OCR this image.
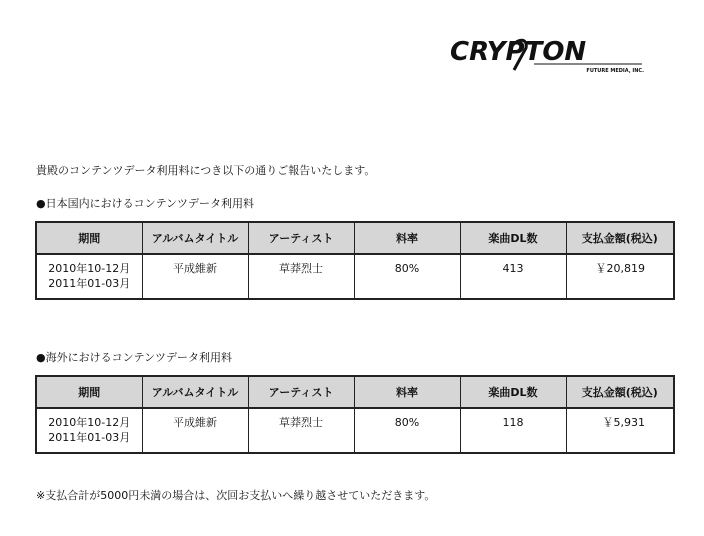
CRYPTON
FUTURE MEDIA, INC.
貴殿のコンテンツデータ利用料につき以下の通りご報告いたします。
●日本国内におけるコンテンツデータ利用料
期間	アルバムタイトル	アーティスト	料率	楽曲DL数	支払金額(税込)

2010年10-12月
2011年01-03月	平成維新	草莽烈士	80%	413	￥20,819
●海外におけるコンテンツデータ利用料
期間	アルバムタイトル	アーティスト	料率	楽曲DL数	支払金額(税込)

2010年10-12月
2011年01-03月	平成維新	草莽烈士	80%	118	￥5,931
※支払合計が5000円未満の場合は、次回お支払いへ繰り越させていただきます。
